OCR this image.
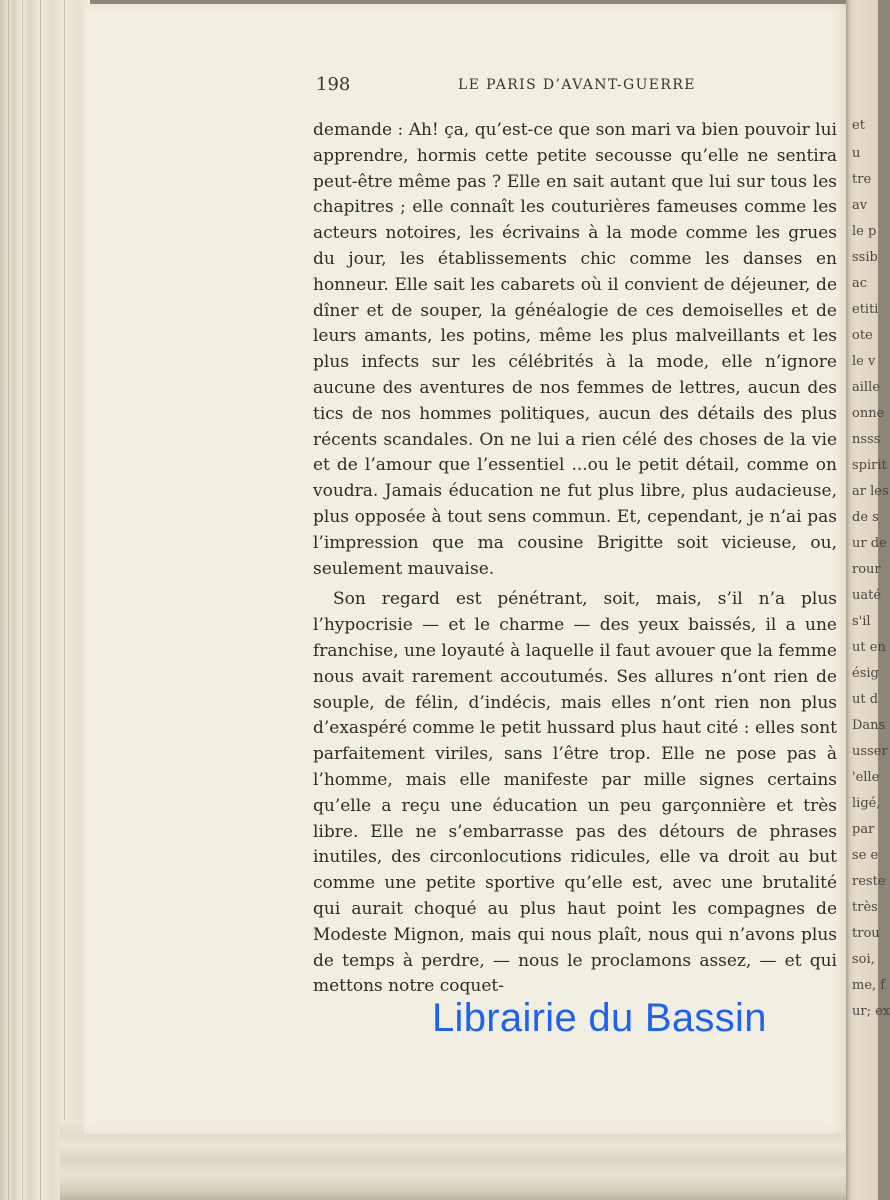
et
u
tre
av
le p
ssib
ac
etiti
ote
le v
aille
onne
nsss
spirit
ar les
de s
ur de
rour
uaté
s'il
ut en
ésig
ut d
Dans
usser
'elle
ligé,
par
se e
reste
très
trou
soi,
me, f
ur; ex
198	LE PARIS D’AVANT-GUERRE

demande : Ah! ça, qu’est-ce que son mari va bien pouvoir lui apprendre, hormis cette petite secousse qu’elle ne sentira peut-être même pas ? Elle en sait autant que lui sur tous les chapitres ; elle connaît les couturières fameuses comme les acteurs notoires, les écrivains à la mode comme les grues du jour, les établissements chic comme les danses en honneur. Elle sait les cabarets où il convient de déjeuner, de dîner et de souper, la généalogie de ces demoiselles et de leurs amants, les potins, même les plus malveillants et les plus infects sur les célébrités à la mode, elle n’ignore aucune des aventures de nos femmes de lettres, aucun des tics de nos hommes politiques, aucun des détails des plus récents scandales. On ne lui a rien célé des choses de la vie et de l’amour que l’essentiel ...ou le petit détail, comme on voudra. Jamais éducation ne fut plus libre, plus audacieuse, plus opposée à tout sens commun. Et, cependant, je n’ai pas l’impression que ma cousine Brigitte soit vicieuse, ou, seulement mauvaise.

Son regard est pénétrant, soit, mais, s’il n’a plus l’hypocrisie — et le charme — des yeux baissés, il a une franchise, une loyauté à laquelle il faut avouer que la femme nous avait rarement accoutumés. Ses allures n’ont rien de souple, de félin, d’indécis, mais elles n’ont rien non plus d’exaspéré comme le petit hussard plus haut cité : elles sont parfaitement viriles, sans l’être trop. Elle ne pose pas à l’homme, mais elle manifeste par mille signes certains qu’elle a reçu une éducation un peu garçonnière et très libre. Elle ne s’embarrasse pas des détours de phrases inutiles, des circonlocutions ridicules, elle va droit au but comme une petite sportive qu’elle est, avec une brutalité qui aurait choqué au plus haut point les compagnes de Modeste Mignon, mais qui nous plaît, nous qui n’avons plus de temps à perdre, — nous le proclamons assez, — et qui mettons notre coquet-

Librairie du Bassin
